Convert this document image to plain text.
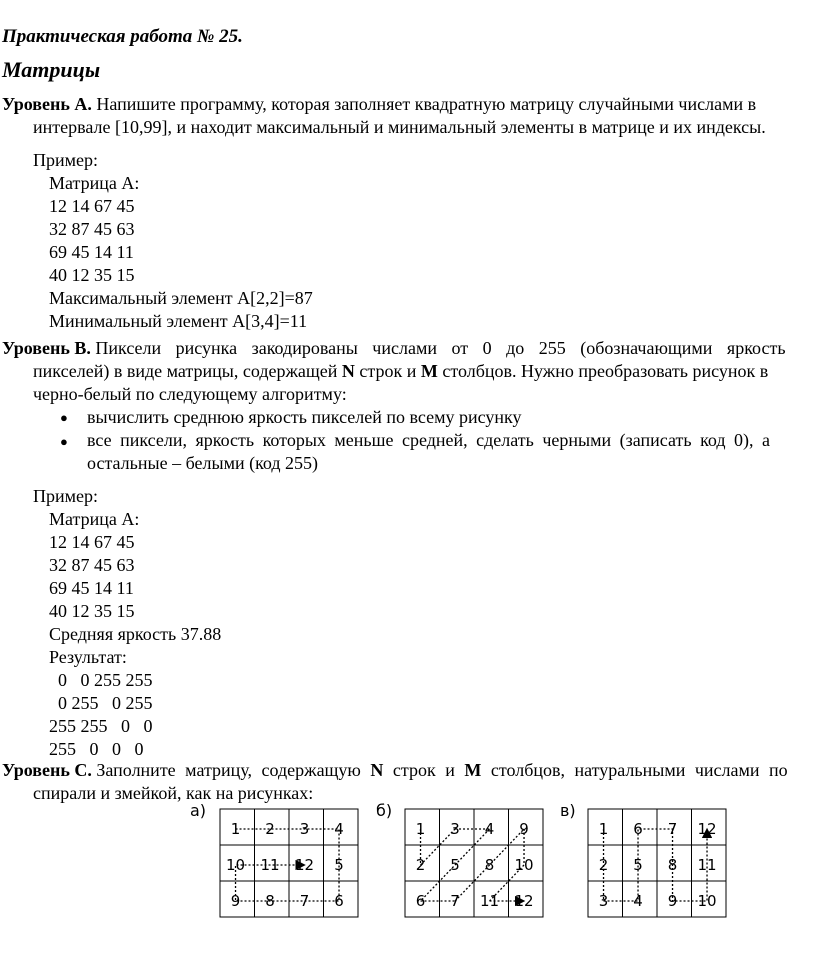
Практическая работа № 25.
Матрицы
Уровень А. Напишите программу, которая заполняет квадратную матрицу случайными числами в
интервале [10,99], и находит максимальный и минимальный элементы в матрице и их индексы.
Пример:
Матрица А:
12 14 67 45
32 87 45 63
69 45 14 11
40 12 35 15
Максимальный элемент А[2,2]=87
Минимальный элемент А[3,4]=11
Уровень В. Пиксели рисунка закодированы числами от 0 до 255 (обозначающими яркость
пикселей) в виде матрицы, содержащей N строк и M столбцов. Нужно преобразовать рисунок в
черно-белый по следующему алгоритму:
● вычислить среднюю яркость пикселей по всему рисунку
● все пиксели, яркость которых меньше средней, сделать черными (записать код 0), а
остальные – белыми (код 255)
Пример:
Матрица А:
12 14 67 45
32 87 45 63
69 45 14 11
40 12 35 15
Средняя яркость 37.88
Результат:
0   0 255 255
0 255   0 255
255 255   0   0
255   0   0   0
Уровень С. Заполните матрицу, содержащую N строк и M столбцов, натуральными числами по
спирали и змейкой, как на рисунках:
а)	б)	в)
1 2 3 4
10 11 12 5
9 8 7 6
1 3 4 9
2 5 8 10
6 7 11 12
1 6 7 12
2 5 8 11
3 4 9 10
